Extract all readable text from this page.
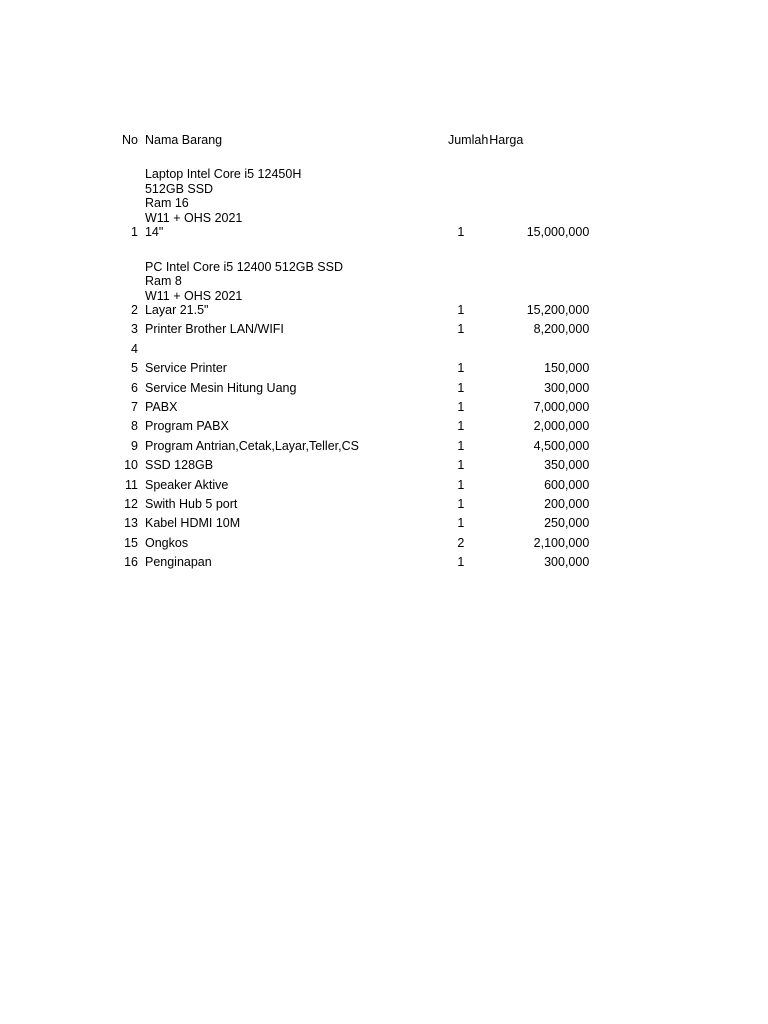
No	Nama Barang	Jumlah	Harga

1	Laptop Intel Core i5 12450H
512GB SSD
Ram 16
W11 + OHS 2021
14"	1	15,000,000

2	PC Intel Core i5 12400 512GB SSD
Ram 8
W11 + OHS 2021
Layar 21.5"	1	15,200,000
3	Printer Brother LAN/WIFI	1	8,200,000
4			
5	Service Printer	1	150,000
6	Service Mesin Hitung Uang	1	300,000
7	PABX	1	7,000,000
8	Program PABX	1	2,000,000
9	Program Antrian,Cetak,Layar,Teller,CS	1	4,500,000
10	SSD 128GB	1	350,000
11	Speaker Aktive	1	600,000
12	Swith Hub 5 port	1	200,000
13	Kabel HDMI 10M	1	250,000
15	Ongkos	2	2,100,000
16	Penginapan	1	300,000
